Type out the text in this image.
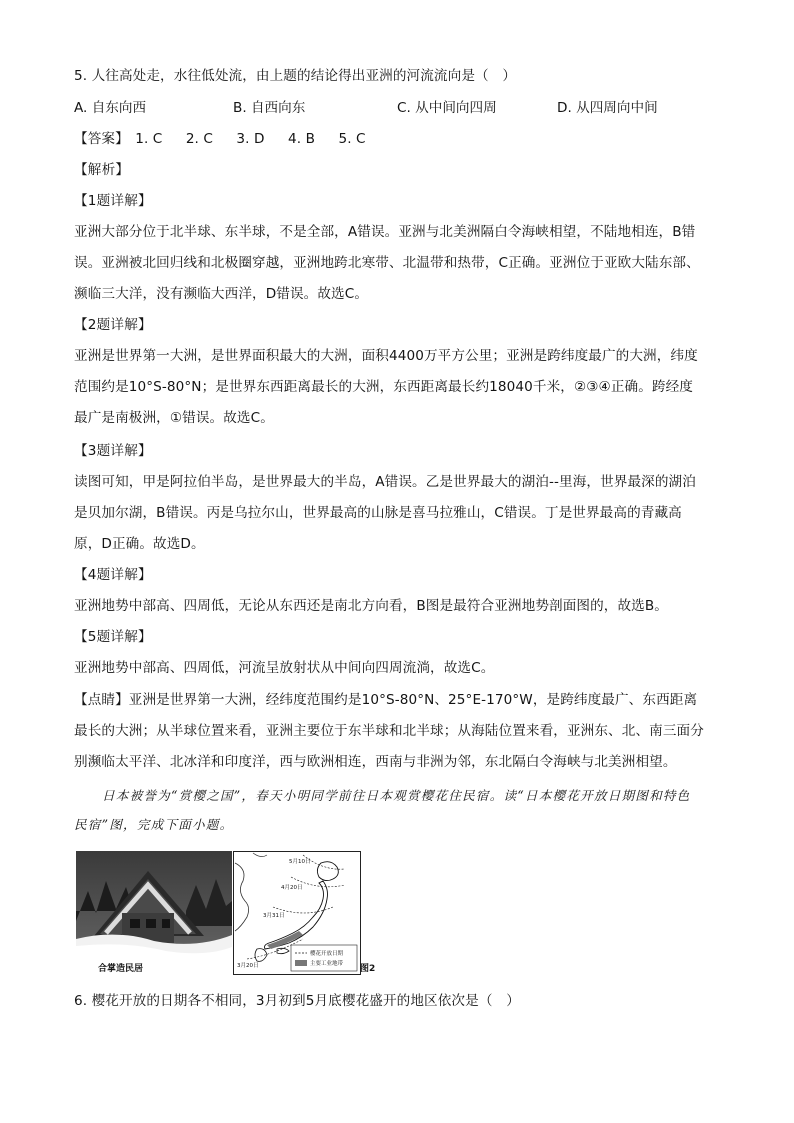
5. 人往高处走，水往低处流，由上题的结论得出亚洲的河流流向是（　）
A. 自东向西	B. 自西向东	C. 从中间向四周	D. 从四周向中间
【答案】 1. C 2. C 3. D 4. B 5. C
【解析】
【1题详解】
亚洲大部分位于北半球、东半球，不是全部，A错误。亚洲与北美洲隔白令海峡相望，不陆地相连，B错
误。亚洲被北回归线和北极圈穿越，亚洲地跨北寒带、北温带和热带，C正确。亚洲位于亚欧大陆东部、
濒临三大洋，没有濒临大西洋，D错误。故选C。
【2题详解】
亚洲是世界第一大洲，是世界面积最大的大洲，面积4400万平方公里；亚洲是跨纬度最广的大洲，纬度
范围约是10°S-80°N；是世界东西距离最长的大洲，东西距离最长约18040千米，②③④正确。跨经度
最广是南极洲，①错误。故选C。
【3题详解】
读图可知，甲是阿拉伯半岛，是世界最大的半岛，A错误。乙是世界最大的湖泊--里海，世界最深的湖泊
是贝加尔湖，B错误。丙是乌拉尔山，世界最高的山脉是喜马拉雅山，C错误。丁是世界最高的青藏高
原，D正确。故选D。
【4题详解】
亚洲地势中部高、四周低，无论从东西还是南北方向看，B图是最符合亚洲地势剖面图的，故选B。
【5题详解】
亚洲地势中部高、四周低，河流呈放射状从中间向四周流淌，故选C。
【点睛】亚洲是世界第一大洲，经纬度范围约是10°S-80°N、25°E-170°W，是跨纬度最广、东西距离
最长的大洲；从半球位置来看，亚洲主要位于东半球和北半球；从海陆位置来看，亚洲东、北、南三面分
别濒临太平洋、北冰洋和印度洋，西与欧洲相连，西南与非洲为邻，东北隔白令海峡与北美洲相望。
日本被誉为“赏樱之国”，春天小明同学前往日本观赏樱花住民宿。读“日本樱花开放日期图和特色
民宿”图，完成下面小题。
合掌造民居
5月10日
4月20日
3月31日
3月20日
樱花开放日期
主要工业地带 图2
6. 樱花开放的日期各不相同，3月初到5月底樱花盛开的地区依次是（　）
